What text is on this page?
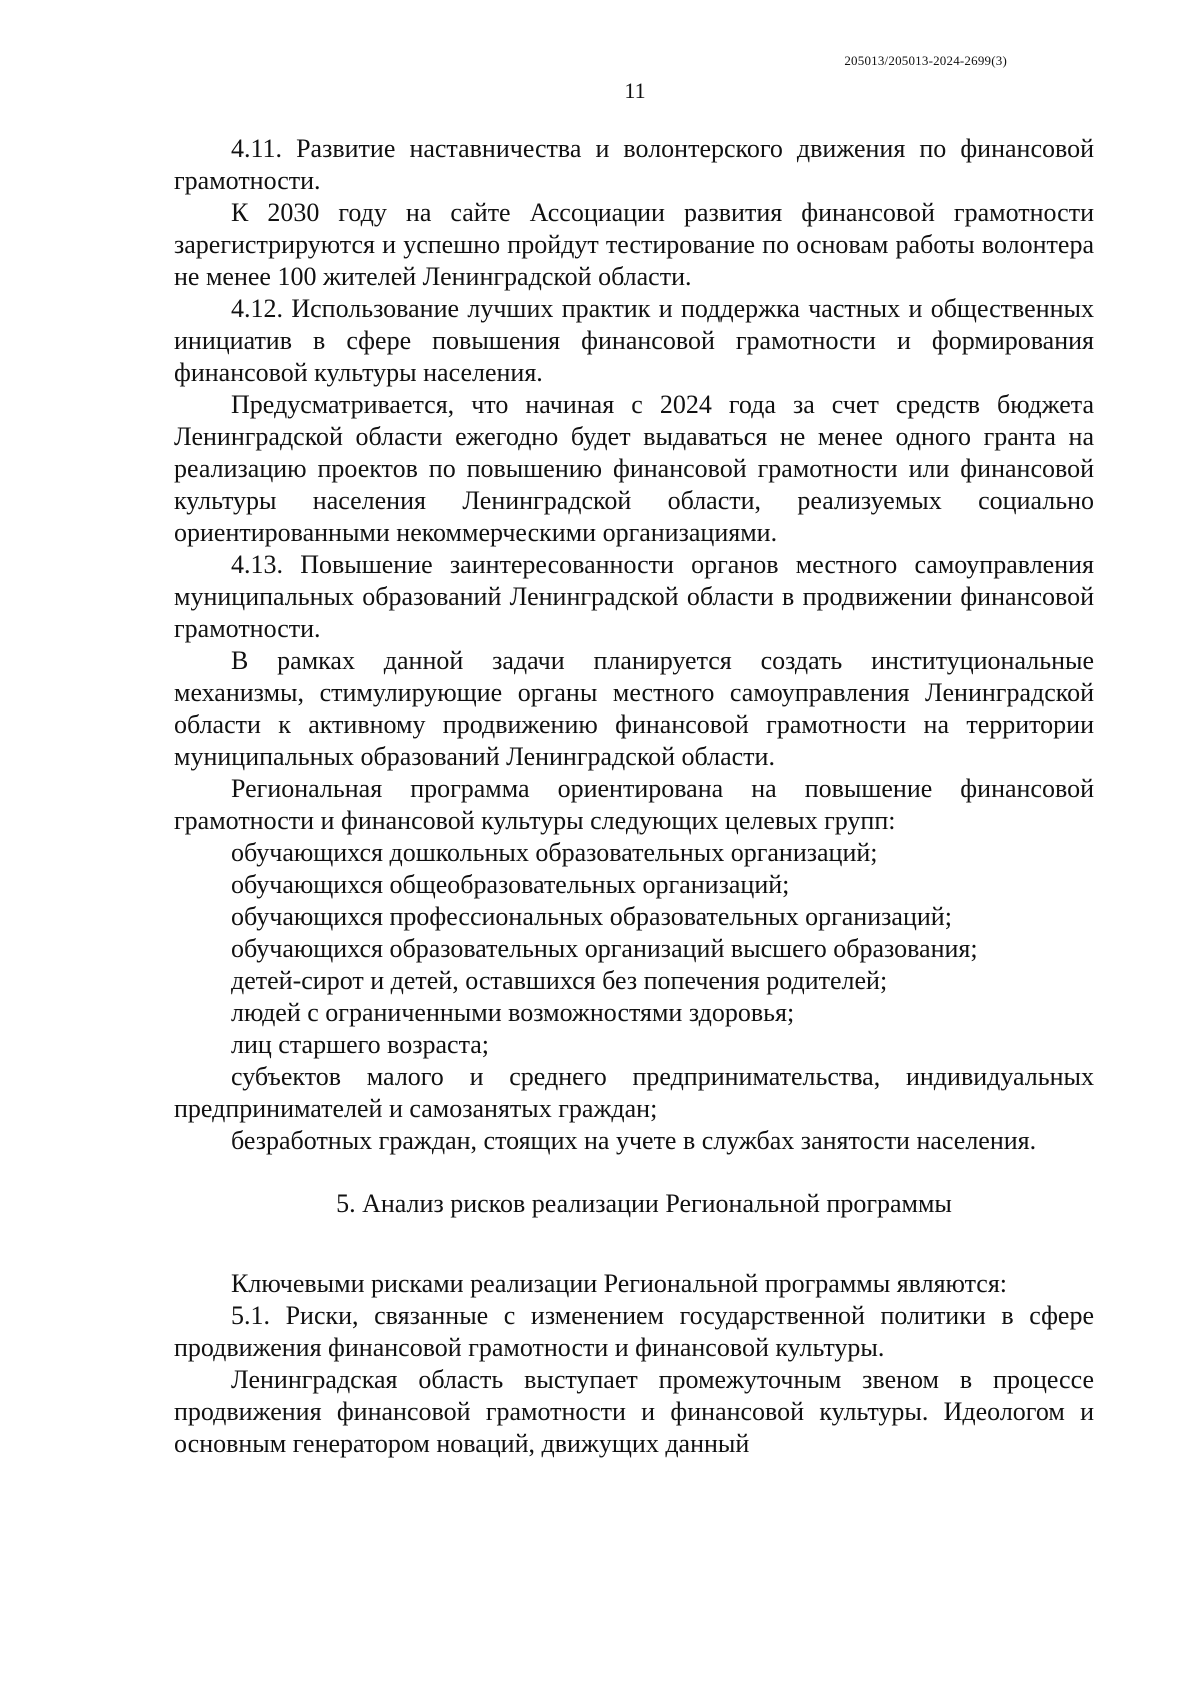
205013/205013-2024-2699(3)
11

4.11. Развитие наставничества и волонтерского движения по финансовой грамотности.

К 2030 году на сайте Ассоциации развития финансовой грамотности зарегистрируются и успешно пройдут тестирование по основам работы волонтера не менее 100 жителей Ленинградской области.

4.12. Использование лучших практик и поддержка частных и общественных инициатив в сфере повышения финансовой грамотности и формирования финансовой культуры населения.

Предусматривается, что начиная с 2024 года за счет средств бюджета Ленинградской области ежегодно будет выдаваться не менее одного гранта на реализацию проектов по повышению финансовой грамотности или финансовой культуры населения Ленинградской области, реализуемых социально ориентированными некоммерческими организациями.

4.13. Повышение заинтересованности органов местного самоуправления муниципальных образований Ленинградской области в продвижении финансовой грамотности.

В рамках данной задачи планируется создать институциональные механизмы, стимулирующие органы местного самоуправления Ленинградской области к активному продвижению финансовой грамотности на территории муниципальных образований Ленинградской области.

Региональная программа ориентирована на повышение финансовой грамотности и финансовой культуры следующих целевых групп:

обучающихся дошкольных образовательных организаций;

обучающихся общеобразовательных организаций;

обучающихся профессиональных образовательных организаций;

обучающихся образовательных организаций высшего образования;

детей-сирот и детей, оставшихся без попечения родителей;

людей с ограниченными возможностями здоровья;

лиц старшего возраста;

субъектов малого и среднего предпринимательства, индивидуальных предпринимателей и самозанятых граждан;

безработных граждан, стоящих на учете в службах занятости населения.

5. Анализ рисков реализации Региональной программы

Ключевыми рисками реализации Региональной программы являются:

5.1. Риски, связанные с изменением государственной политики в сфере продвижения финансовой грамотности и финансовой культуры.

Ленинградская область выступает промежуточным звеном в процессе продвижения финансовой грамотности и финансовой культуры. Идеологом и основным генератором новаций, движущих данный
